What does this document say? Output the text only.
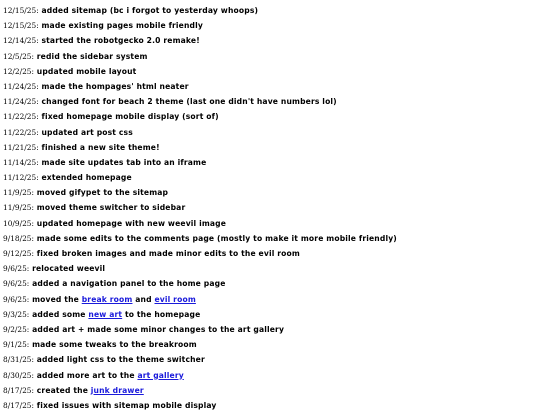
12/15/25: added sitemap (bc i forgot to yesterday whoops)
12/15/25: made existing pages mobile friendly
12/14/25: started the robotgecko 2.0 remake!
12/5/25: redid the sidebar system
12/2/25: updated mobile layout
11/24/25: made the hompages' html neater
11/24/25: changed font for beach 2 theme (last one didn't have numbers lol)
11/22/25: fixed homepage mobile display (sort of)
11/22/25: updated art post css
11/21/25: finished a new site theme!
11/14/25: made site updates tab into an iframe
11/12/25: extended homepage
11/9/25: moved gifypet to the sitemap
11/9/25: moved theme switcher to sidebar
10/9/25: updated homepage with new weevil image
9/18/25: made some edits to the comments page (mostly to make it more mobile friendly)
9/12/25: fixed broken images and made minor edits to the evil room
9/6/25: relocated weevil
9/6/25: added a navigation panel to the home page
9/6/25: moved the break room and evil room
9/3/25: added some new art to the homepage
9/2/25: added art + made some minor changes to the art gallery
9/1/25: made some tweaks to the breakroom
8/31/25: added light css to the theme switcher
8/30/25: added more art to the art gallery
8/17/25: created the junk drawer
8/17/25: fixed issues with sitemap mobile display
